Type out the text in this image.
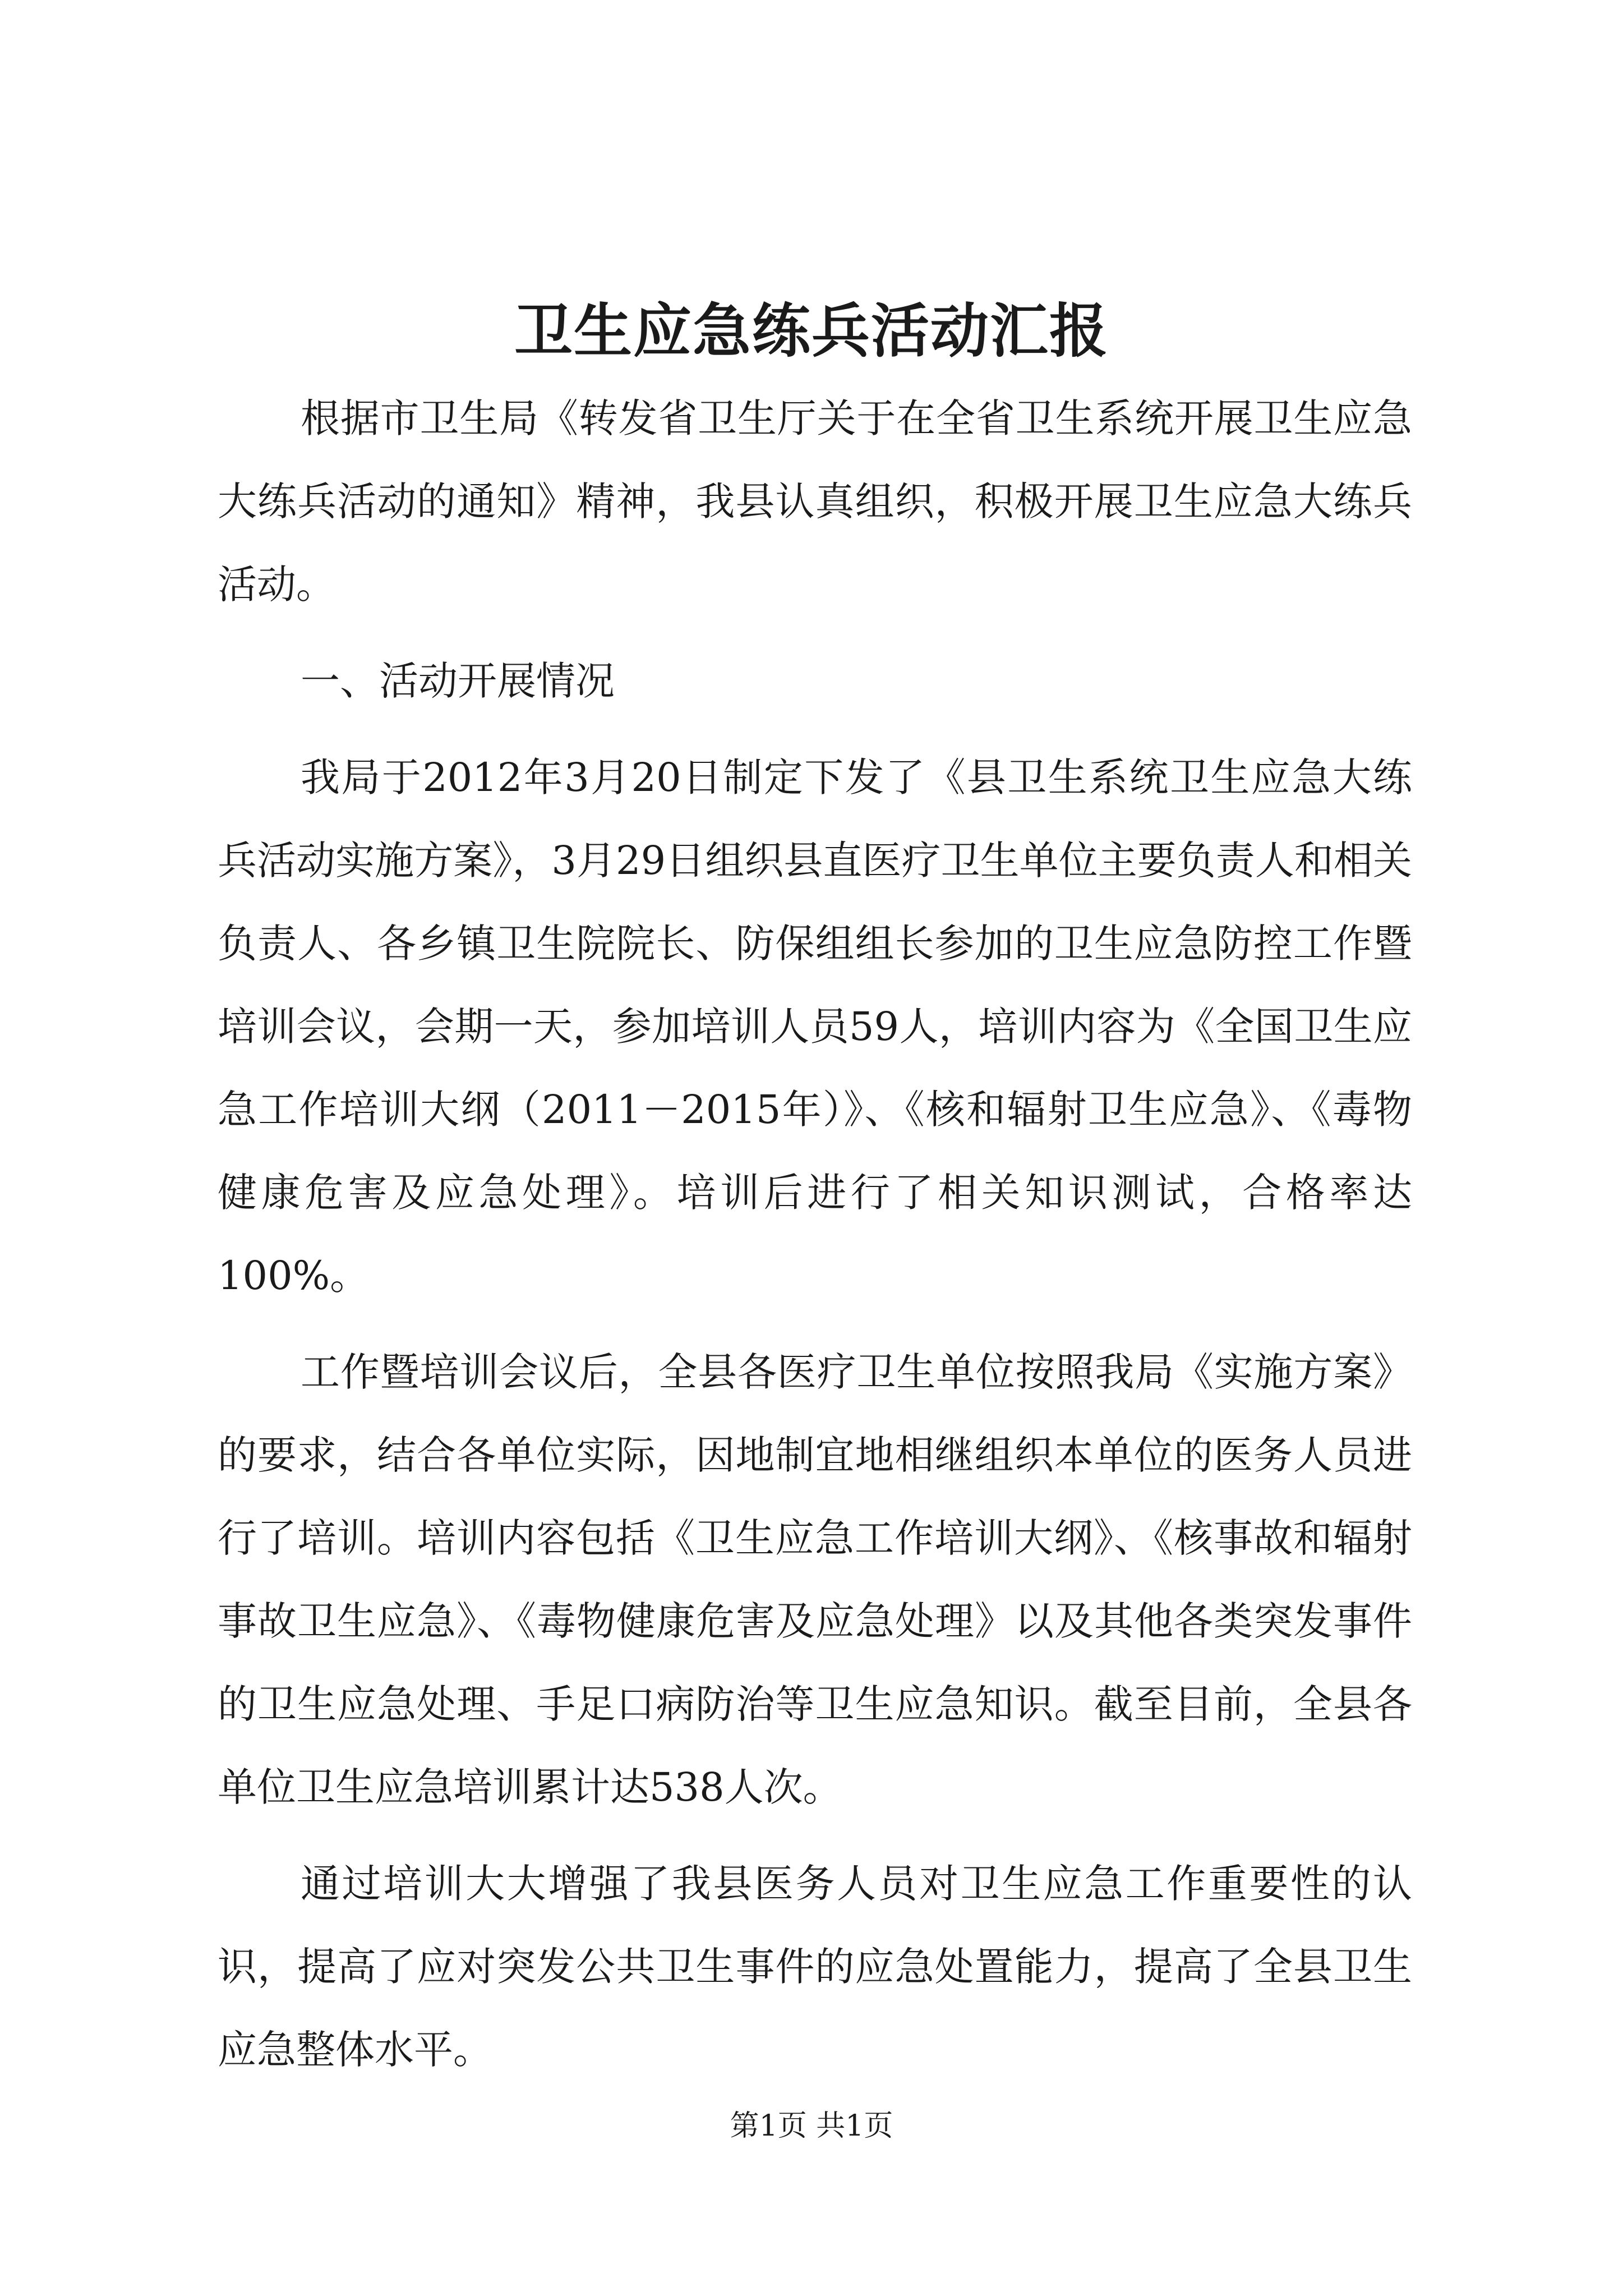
卫生应急练兵活动汇报

根据市卫生局《转发省卫生厅关于在全省卫生系统开展卫生应急大练兵活动的通知》精神，我县认真组织，积极开展卫生应急大练兵活动。

一、活动开展情况

我局于2012年3月20日制定下发了《县卫生系统卫生应急大练兵活动实施方案》，3月29日组织县直医疗卫生单位主要负责人和相关负责人、各乡镇卫生院院长、防保组组长参加的卫生应急防控工作暨培训会议，会期一天，参加培训人员59人，培训内容为《全国卫生应急工作培训大纲（2011－2015年）》、《核和辐射卫生应急》、《毒物健康危害及应急处理》。培训后进行了相关知识测试，合格率达100%。

工作暨培训会议后，全县各医疗卫生单位按照我局《实施方案》的要求，结合各单位实际，因地制宜地相继组织本单位的医务人员进行了培训。培训内容包括《卫生应急工作培训大纲》、《核事故和辐射事故卫生应急》、《毒物健康危害及应急处理》以及其他各类突发事件的卫生应急处理、手足口病防治等卫生应急知识。截至目前，全县各单位卫生应急培训累计达538人次。

通过培训大大增强了我县医务人员对卫生应急工作重要性的认识，提高了应对突发公共卫生事件的应急处置能力，提高了全县卫生应急整体水平。

第1页 共1页
